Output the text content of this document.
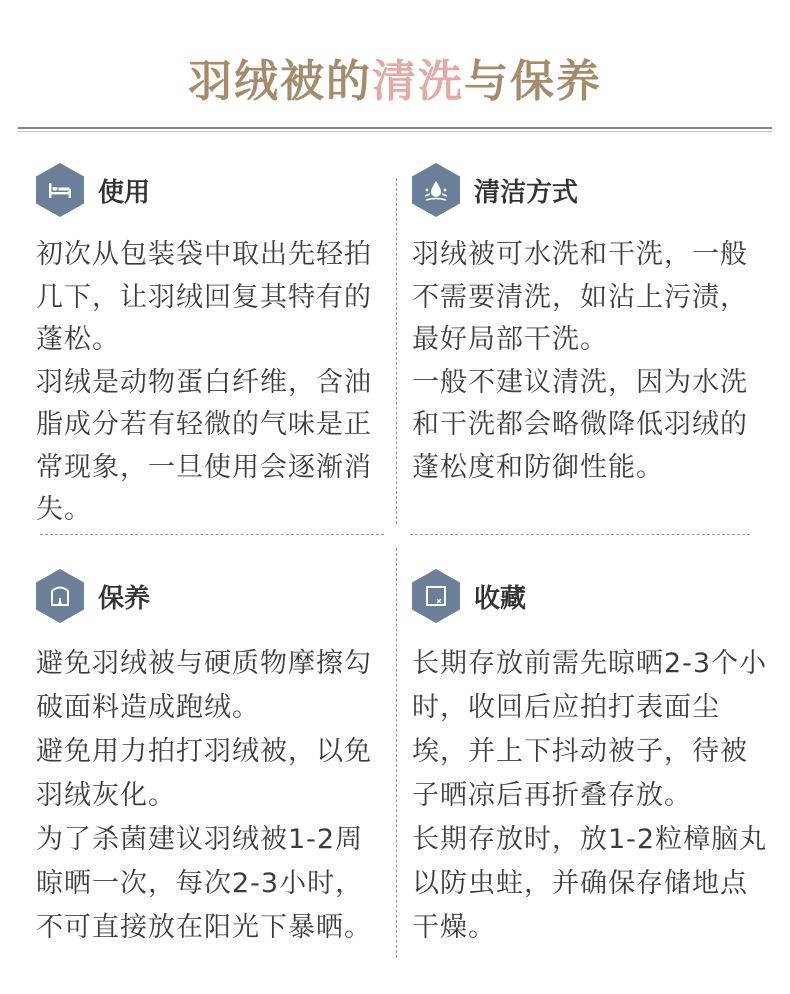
羽绒被的清洗与保养
使用

初次从包装袋中取出先轻拍几下，让羽绒回复其特有的蓬松。

羽绒是动物蛋白纤维，含油脂成分若有轻微的气味是正常现象，一旦使用会逐渐消失。

清洁方式

羽绒被可水洗和干洗，一般不需要清洗，如沾上污渍，最好局部干洗。

一般不建议清洗，因为水洗和干洗都会略微降低羽绒的蓬松度和防御性能。

保养

避免羽绒被与硬质物摩擦勾破面料造成跑绒。

避免用力拍打羽绒被，以免羽绒灰化。

为了杀菌建议羽绒被1-2周晾晒一次，每次2-3小时，不可直接放在阳光下暴晒。

收藏

长期存放前需先晾晒2-3个小时，收回后应拍打表面尘埃，并上下抖动被子，待被子晒凉后再折叠存放。

长期存放时，放1-2粒樟脑丸以防虫蛀，并确保存储地点干燥。
